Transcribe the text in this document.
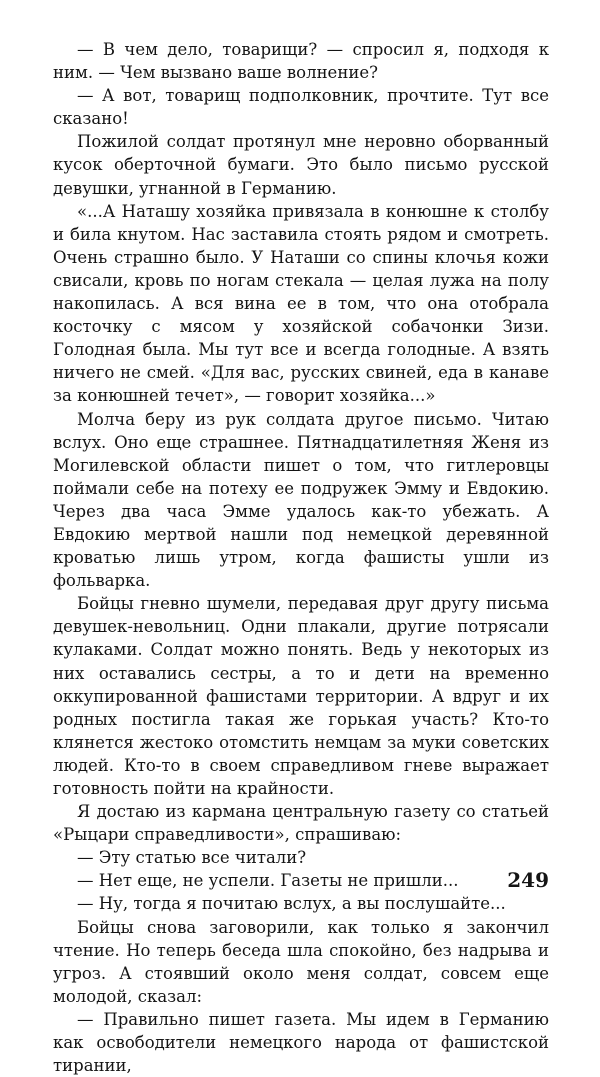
— В чем дело, товарищи? — спросил я, подходя к ним. — Чем вызвано ваше волнение?

— А вот, товарищ подполковник, прочтите. Тут все сказано!

Пожилой солдат протянул мне неровно оборванный кусок оберточной бумаги. Это было письмо русской девушки, угнанной в Германию.

«...А Наташу хозяйка привязала в конюшне к столбу и била кнутом. Нас заставила стоять рядом и смотреть. Очень страшно было. У Наташи со спины клочья кожи свисали, кровь по ногам стекала — целая лужа на полу накопилась. А вся вина ее в том, что она отобрала косточку с мясом у хозяйской собачонки Зизи. Голодная была. Мы тут все и всегда голодные. А взять ничего не смей. «Для вас, русских свиней, еда в канаве за конюшней течет», — говорит хозяйка...»

Молча беру из рук солдата другое письмо. Читаю вслух. Оно еще страшнее. Пятнадцатилетняя Женя из Могилевской области пишет о том, что гитлеровцы поймали себе на потеху ее подружек Эмму и Евдокию. Через два часа Эмме удалось как-то убежать. А Евдокию мертвой нашли под немецкой деревянной кроватью лишь утром, когда фашисты ушли из фольварка.

Бойцы гневно шумели, передавая друг другу письма девушек-невольниц. Одни плакали, другие потрясали кулаками. Солдат можно понять. Ведь у некоторых из них оставались сестры, а то и дети на временно оккупированной фашистами территории. А вдруг и их родных постигла такая же горькая участь? Кто-то клянется жестоко отомстить немцам за муки советских людей. Кто-то в своем справедливом гневе выражает готовность пойти на крайности.

Я достаю из кармана центральную газету со статьей «Рыцари справедливости», спрашиваю:

— Эту статью все читали?

— Нет еще, не успели. Газеты не пришли...

— Ну, тогда я почитаю вслух, а вы послушайте...

Бойцы снова заговорили, как только я закончил чтение. Но теперь беседа шла спокойно, без надрыва и угроз. А стоявший около меня солдат, совсем еще молодой, сказал:

— Правильно пишет газета. Мы идем в Германию как освободители немецкого народа от фашистской тирании,

249
